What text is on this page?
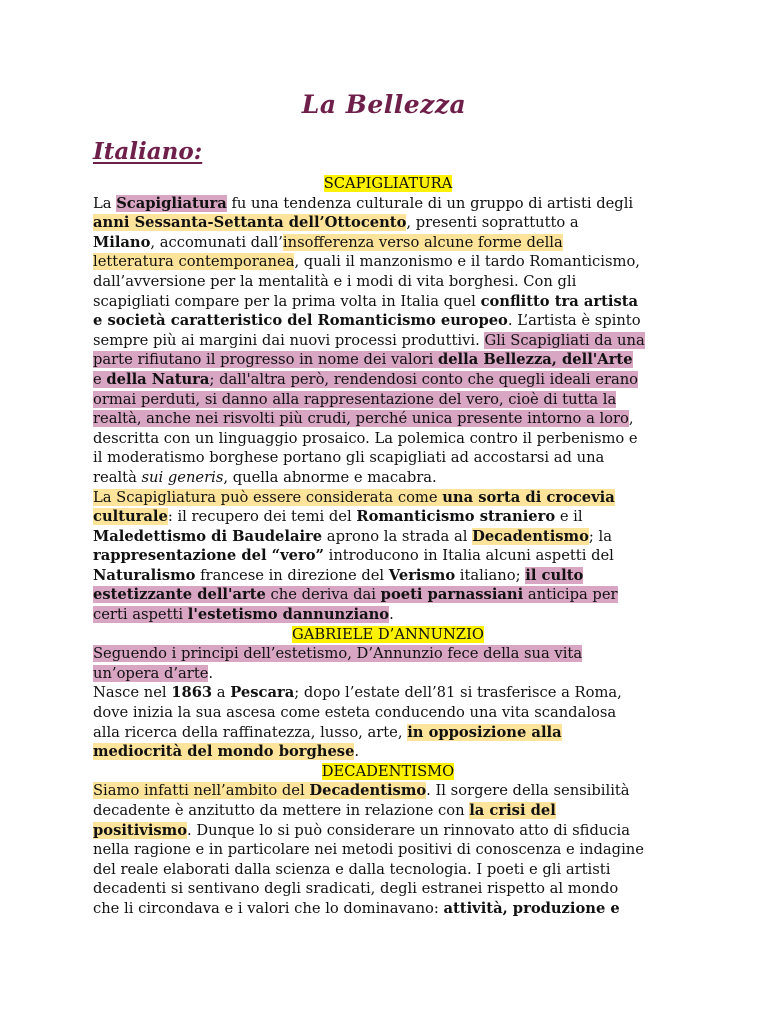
La Bellezza
Italiano:
SCAPIGLIATURA
La Scapigliatura fu una tendenza culturale di un gruppo di artisti degli
anni Sessanta-Settanta dell’Ottocento, presenti soprattutto a
Milano, accomunati dall’insofferenza verso alcune forme della
letteratura contemporanea, quali il manzonismo e il tardo Romanticismo,
dall’avversione per la mentalità e i modi di vita borghesi. Con gli
scapigliati compare per la prima volta in Italia quel conflitto tra artista
e società caratteristico del Romanticismo europeo. L’artista è spinto
sempre più ai margini dai nuovi processi produttivi. Gli Scapigliati da una
parte rifiutano il progresso in nome dei valori della Bellezza, dell'Arte
e della Natura; dall'altra però, rendendosi conto che quegli ideali erano
ormai perduti, si danno alla rappresentazione del vero, cioè di tutta la
realtà, anche nei risvolti più crudi, perché unica presente intorno a loro,
descritta con un linguaggio prosaico. La polemica contro il perbenismo e
il moderatismo borghese portano gli scapigliati ad accostarsi ad una
realtà sui generis, quella abnorme e macabra.
La Scapigliatura può essere considerata come una sorta di crocevia
culturale: il recupero dei temi del Romanticismo straniero e il
Maledettismo di Baudelaire aprono la strada al Decadentismo; la
rappresentazione del “vero” introducono in Italia alcuni aspetti del
Naturalismo francese in direzione del Verismo italiano; il culto
estetizzante dell'arte che deriva dai poeti parnassiani anticipa per
certi aspetti l'estetismo dannunziano.
GABRIELE D’ANNUNZIO
Seguendo i principi dell’estetismo, D’Annunzio fece della sua vita
un’opera d’arte.
Nasce nel 1863 a Pescara; dopo l’estate dell’81 si trasferisce a Roma,
dove inizia la sua ascesa come esteta conducendo una vita scandalosa
alla ricerca della raffinatezza, lusso, arte, in opposizione alla
mediocrità del mondo borghese.
DECADENTISMO
Siamo infatti nell’ambito del Decadentismo. Il sorgere della sensibilità
decadente è anzitutto da mettere in relazione con la crisi del
positivismo. Dunque lo si può considerare un rinnovato atto di sfiducia
nella ragione e in particolare nei metodi positivi di conoscenza e indagine
del reale elaborati dalla scienza e dalla tecnologia. I poeti e gli artisti
decadenti si sentivano degli sradicati, degli estranei rispetto al mondo
che li circondava e i valori che lo dominavano: attività, produzione e
